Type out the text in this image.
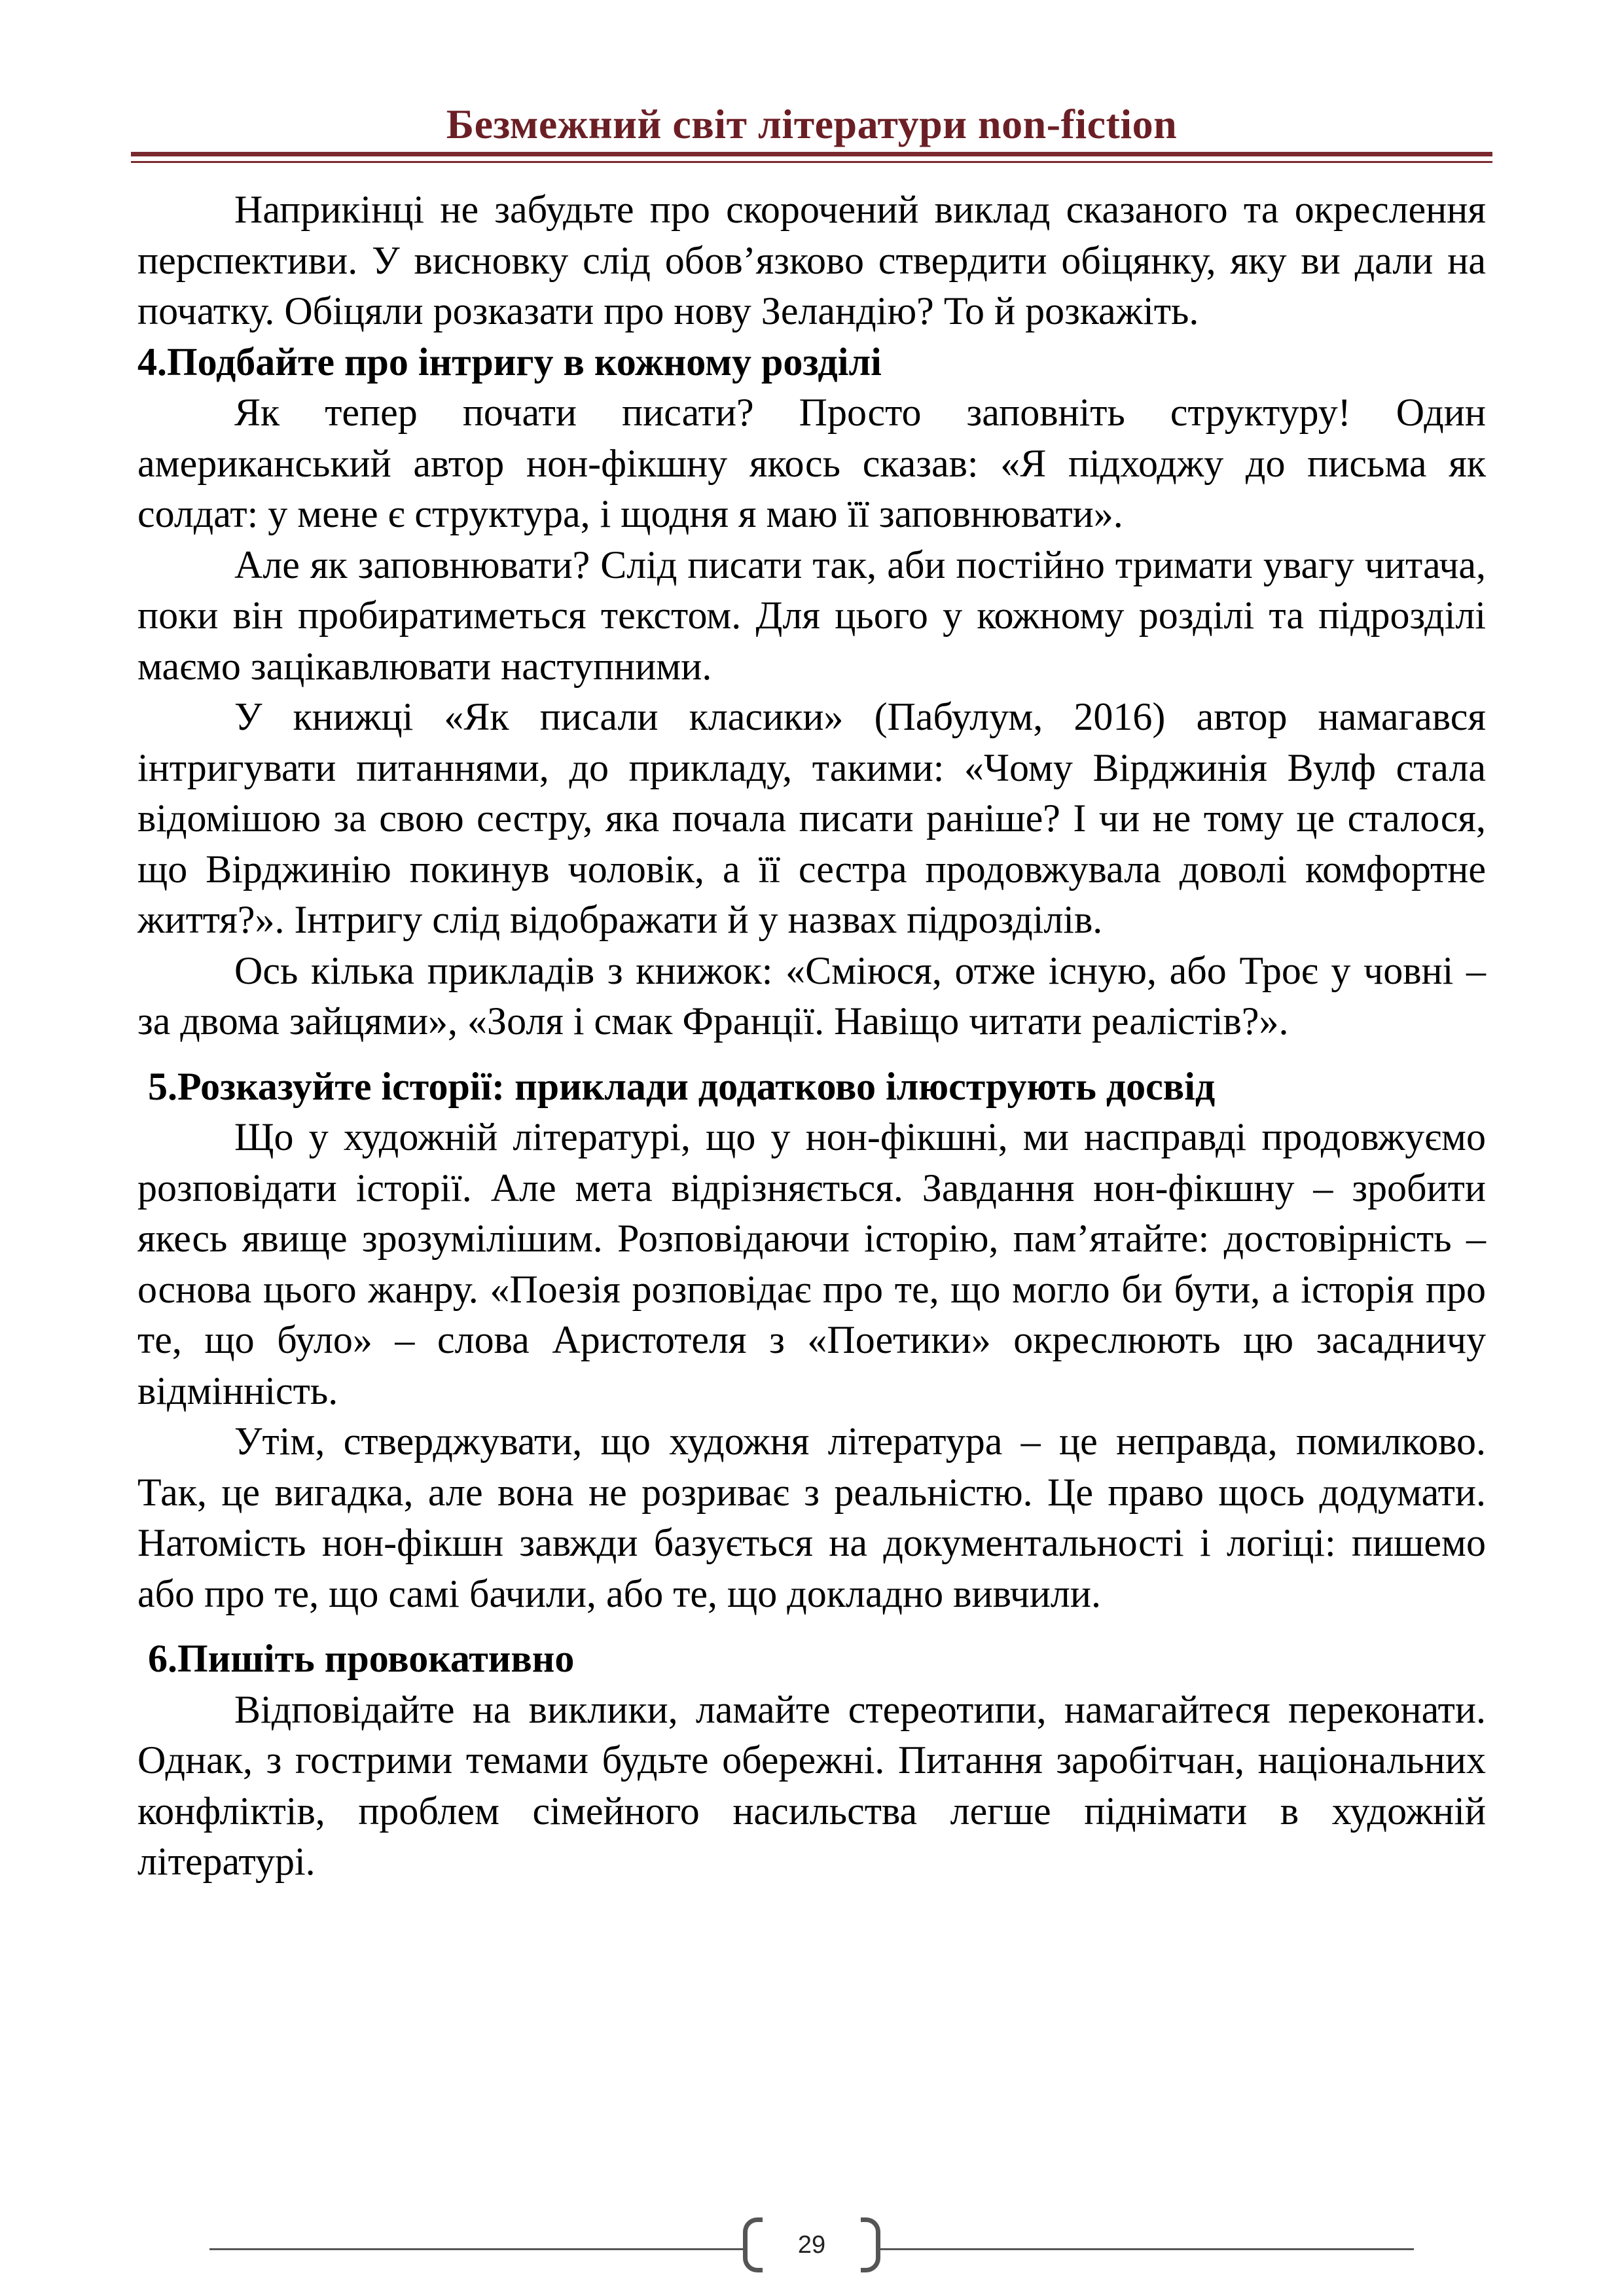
Безмежний світ літератури non-fiction

Наприкінці не забудьте про скорочений виклад сказаного та окреслення перспективи. У висновку слід обов’язково ствердити обіцянку, яку ви дали на початку. Обіцяли розказати про нову Зеландію? То й розкажіть.

4.Подбайте про інтригу в кожному розділі

Як тепер почати писати? Просто заповніть структуру! Один американський автор нон-фікшну якось сказав: «Я підходжу до письма як солдат: у мене є структура, і щодня я маю її заповнювати».

Але як заповнювати? Слід писати так, аби постійно тримати увагу читача, поки він пробиратиметься текстом. Для цього у кожному розділі та підрозділі маємо зацікавлювати наступними.

У книжці «Як писали класики» (Пабулум, 2016) автор намагався інтригувати питаннями, до прикладу, такими: «Чому Вірджинія Вулф стала відомішою за свою сестру, яка почала писати раніше? І чи не тому це сталося, що Вірджинію покинув чоловік, а її сестра продовжувала доволі комфортне життя?». Інтригу слід відображати й у назвах підрозділів.

Ось кілька прикладів з книжок: «Сміюся, отже існую, або Троє у човні – за двома зайцями», «Золя і смак Франції. Навіщо читати реалістів?».

5.Розказуйте історії: приклади додатково ілюструють досвід

Що у художній літературі, що у нон-фікшні, ми насправді продовжуємо розповідати історії. Але мета відрізняється. Завдання нон-фікшну – зробити якесь явище зрозумілішим. Розповідаючи історію, пам’ятайте: достовірність – основа цього жанру. «Поезія розповідає про те, що могло би бути, а історія про те, що було» – слова Аристотеля з «Поетики» окреслюють цю засадничу відмінність.

Утім, стверджувати, що художня література – це неправда, помилково. Так, це вигадка, але вона не розриває з реальністю. Це право щось додумати. Натомість нон-фікшн завжди базується на документальності і логіці: пишемо або про те, що самі бачили, або те, що докладно вивчили.

6.Пишіть провокативно

Відповідайте на виклики, ламайте стереотипи, намагайтеся переконати. Однак, з гострими темами будьте обережні. Питання заробітчан, національних конфліктів, проблем сімейного насильства легше піднімати в художній літературі.

29
